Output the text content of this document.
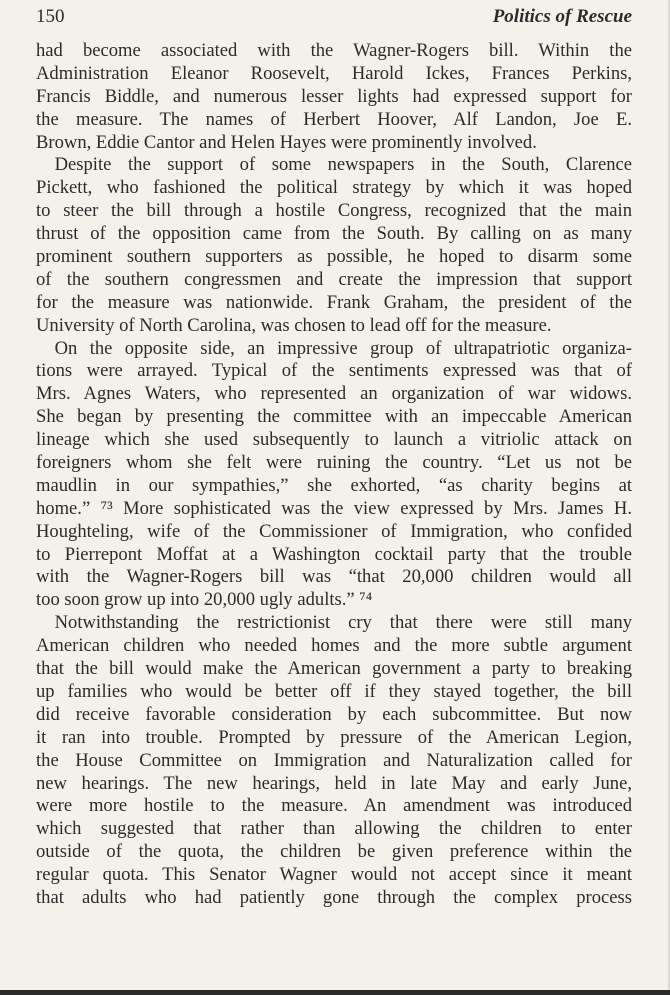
150	Politics of Rescue
had become associated with the Wagner-Rogers bill. Within the
Administration Eleanor Roosevelt, Harold Ickes, Frances Perkins,
Francis Biddle, and numerous lesser lights had expressed support for
the measure. The names of Herbert Hoover, Alf Landon, Joe E.
Brown, Eddie Cantor and Helen Hayes were prominently involved.
 Despite the support of some newspapers in the South, Clarence
Pickett, who fashioned the political strategy by which it was hoped
to steer the bill through a hostile Congress, recognized that the main
thrust of the opposition came from the South. By calling on as many
prominent southern supporters as possible, he hoped to disarm some
of the southern congressmen and create the impression that support
for the measure was nationwide. Frank Graham, the president of the
University of North Carolina, was chosen to lead off for the measure.
 On the opposite side, an impressive group of ultrapatriotic organiza-
tions were arrayed. Typical of the sentiments expressed was that of
Mrs. Agnes Waters, who represented an organization of war widows.
She began by presenting the committee with an impeccable American
lineage which she used subsequently to launch a vitriolic attack on
foreigners whom she felt were ruining the country. “Let us not be
maudlin in our sympathies,” she exhorted, “as charity begins at
home.” ⁷³ More sophisticated was the view expressed by Mrs. James H.
Houghteling, wife of the Commissioner of Immigration, who confided
to Pierrepont Moffat at a Washington cocktail party that the trouble
with the Wagner-Rogers bill was “that 20,000 children would all
too soon grow up into 20,000 ugly adults.” ⁷⁴
 Notwithstanding the restrictionist cry that there were still many
American children who needed homes and the more subtle argument
that the bill would make the American government a party to breaking
up families who would be better off if they stayed together, the bill
did receive favorable consideration by each subcommittee. But now
it ran into trouble. Prompted by pressure of the American Legion,
the House Committee on Immigration and Naturalization called for
new hearings. The new hearings, held in late May and early June,
were more hostile to the measure. An amendment was introduced
which suggested that rather than allowing the children to enter
outside of the quota, the children be given preference within the
regular quota. This Senator Wagner would not accept since it meant
that adults who had patiently gone through the complex process
